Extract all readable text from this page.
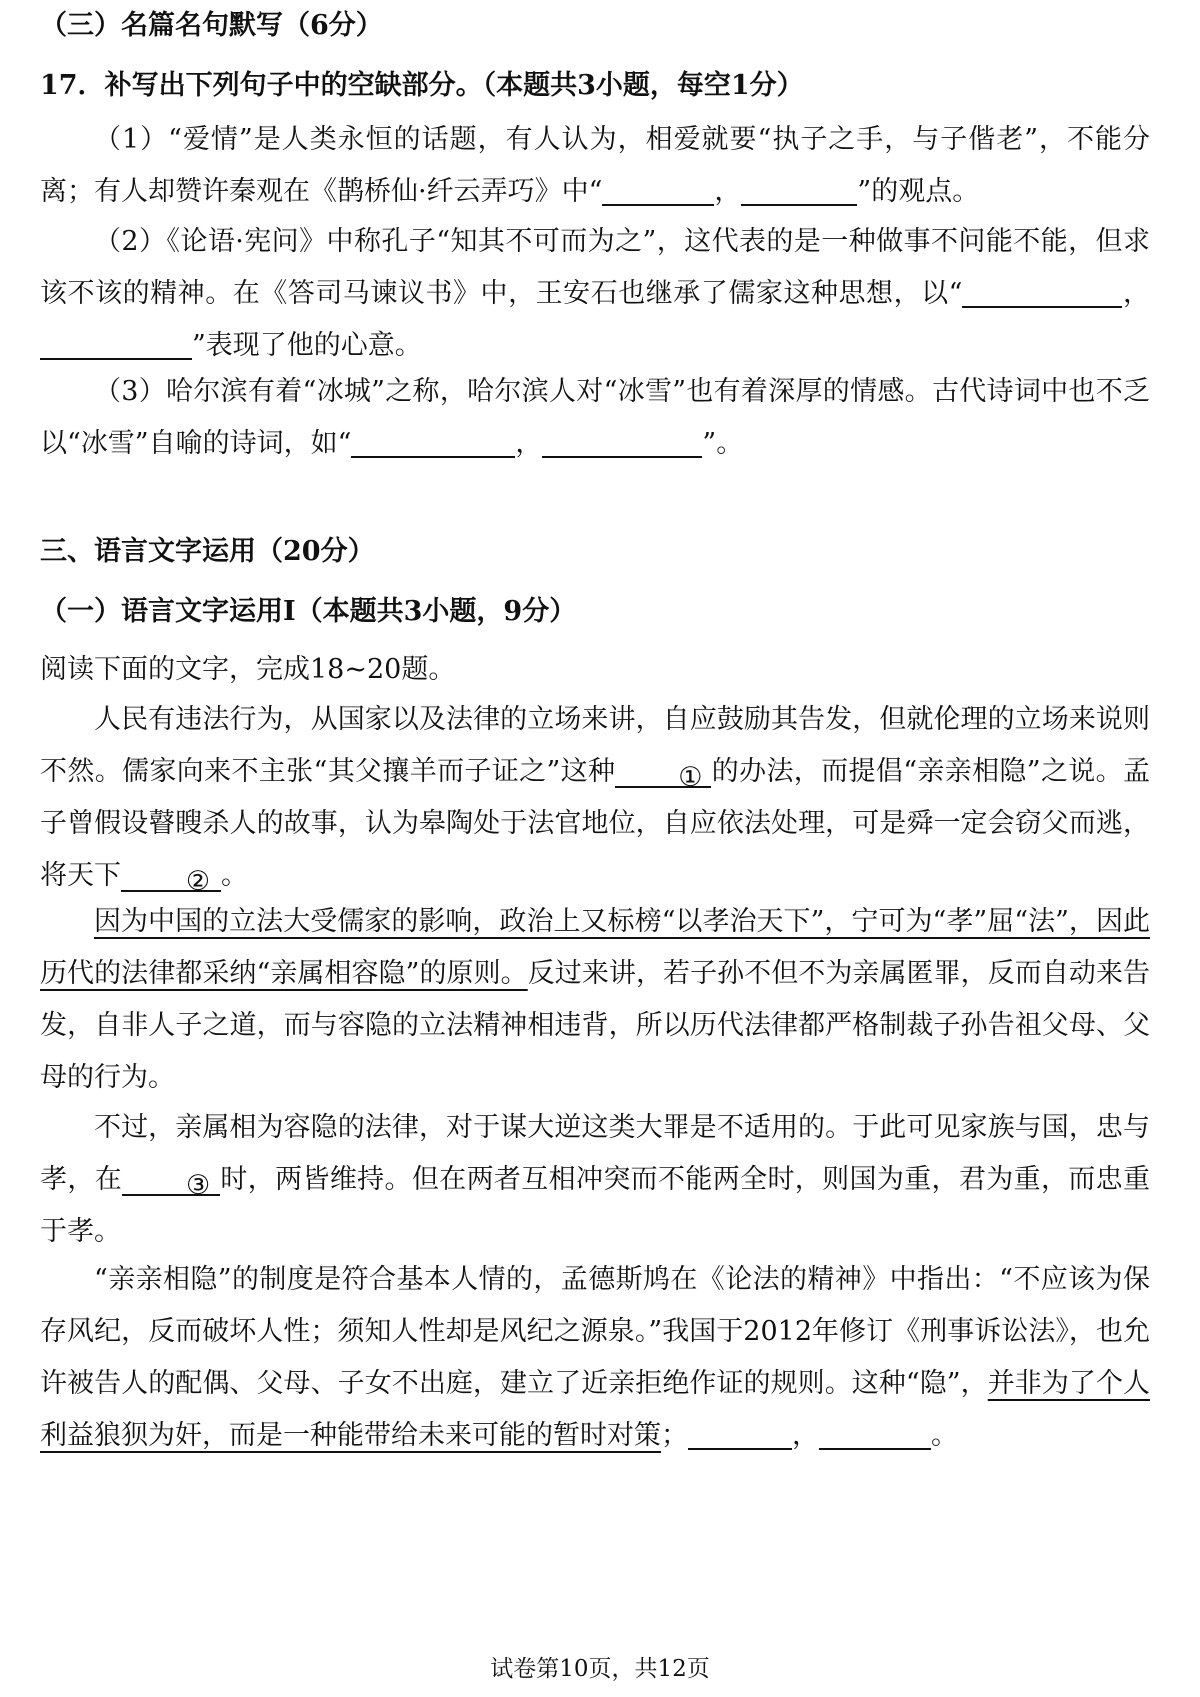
（三）名篇名句默写（6分）

17．补写出下列句子中的空缺部分。（本题共3小题，每空1分）

（1）“爱情”是人类永恒的话题，有人认为，相爱就要“执子之手，与子偕老”，不能分离；有人却赞许秦观在《鹊桥仙·纤云弄巧》中“	，	”的观点。

（2）《论语·宪问》中称孔子“知其不可而为之”，这代表的是一种做事不问能不能，但求该不该的精神。在《答司马谏议书》中，王安石也继承了儒家这种思想，以“	，”表现了他的心意。

（3）哈尔滨有着“冰城”之称，哈尔滨人对“冰雪”也有着深厚的情感。古代诗词中也不乏以“冰雪”自喻的诗词，如“	，	”。

三、语言文字运用（20分）

（一）语言文字运用Ⅰ（本题共3小题，9分）

阅读下面的文字，完成18~20题。

人民有违法行为，从国家以及法律的立场来讲，自应鼓励其告发，但就伦理的立场来说则不然。儒家向来不主张“其父攘羊而子证之”这种 ① 的办法，而提倡“亲亲相隐”之说。孟子曾假设瞽瞍杀人的故事，认为皋陶处于法官地位，自应依法处理，可是舜一定会窃父而逃，将天下 ② 。

因为中国的立法大受儒家的影响，政治上又标榜“以孝治天下”，宁可为“孝”屈“法”，因此历代的法律都采纳“亲属相容隐”的原则。反过来讲，若子孙不但不为亲属匿罪，反而自动来告发，自非人子之道，而与容隐的立法精神相违背，所以历代法律都严格制裁子孙告祖父母、父母的行为。

不过，亲属相为容隐的法律，对于谋大逆这类大罪是不适用的。于此可见家族与国，忠与孝，在 ③ 时，两皆维持。但在两者互相冲突而不能两全时，则国为重，君为重，而忠重于孝。

“亲亲相隐”的制度是符合基本人情的，孟德斯鸠在《论法的精神》中指出：“不应该为保存风纪，反而破坏人性；须知人性却是风纪之源泉。”我国于2012年修订《刑事诉讼法》，也允许被告人的配偶、父母、子女不出庭，建立了近亲拒绝作证的规则。这种“隐”，并非为了个人利益狼狈为奸，而是一种能带给未来可能的暂时对策；	，	。

试卷第10页，共12页
